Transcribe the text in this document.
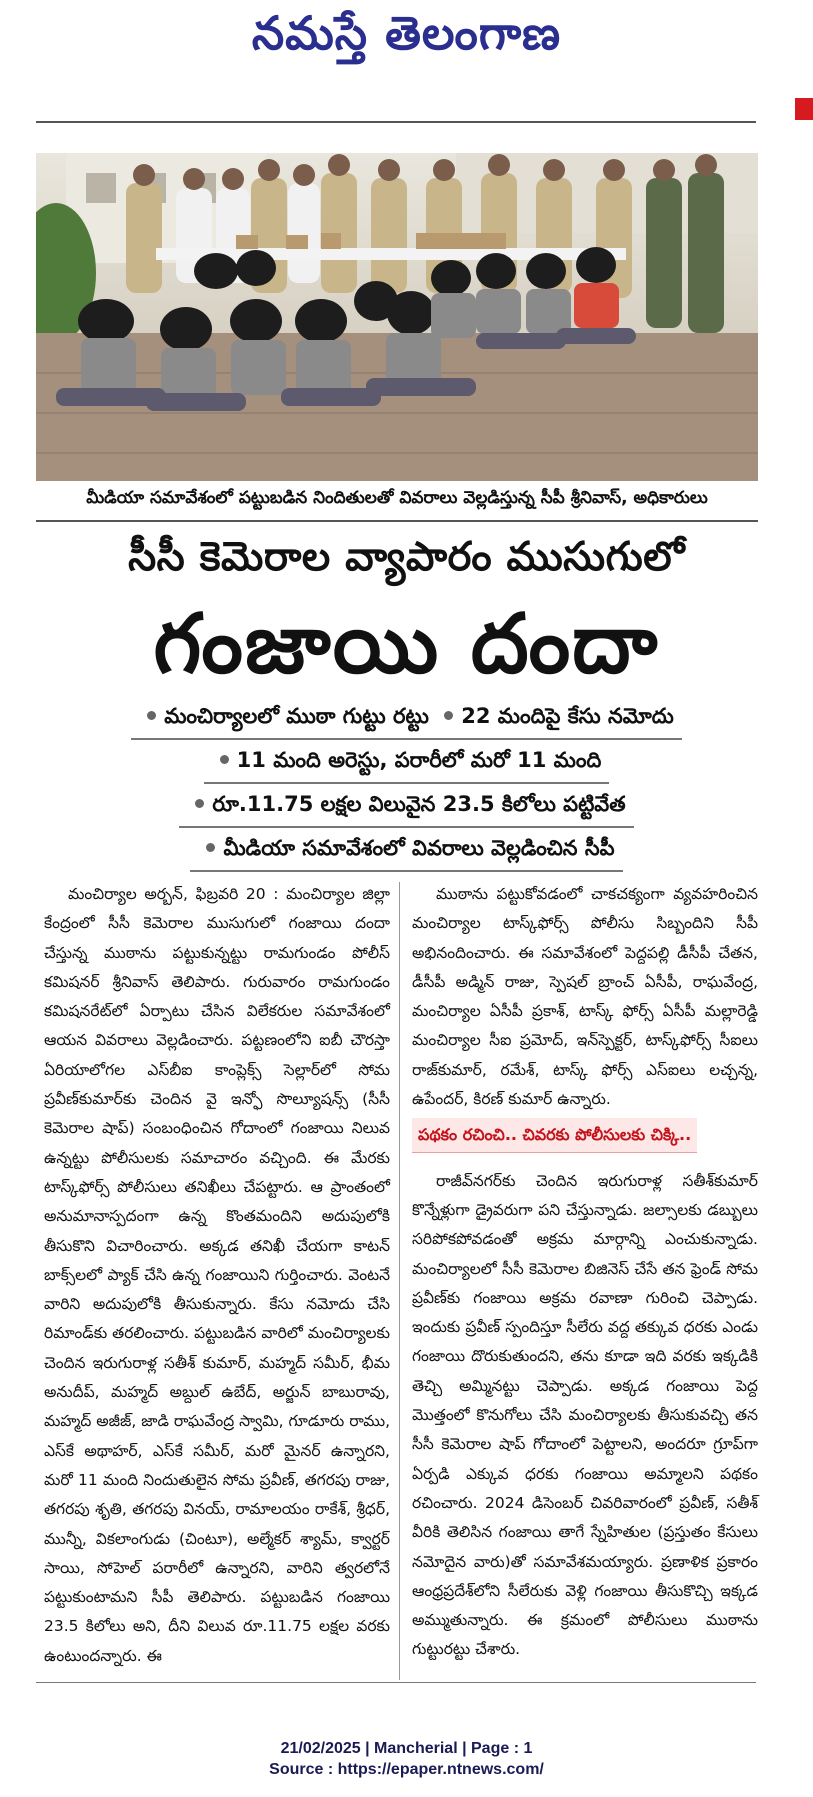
నమస్తే తెలంగాణ
మీడియా సమావేశంలో పట్టుబడిన నిందితులతో వివరాలు వెల్లడిస్తున్న సీపీ శ్రీనివాస్, అధికారులు
సీసీ కెమెరాల వ్యాపారం ముసుగులో
గంజాయి దందా
మంచిర్యాలలో ముఠా గుట్టు రట్టు 22 మందిపై కేసు నమోదు
11 మంది అరెస్టు, పరారీలో మరో 11 మంది
రూ.11.75 లక్షల విలువైన 23.5 కిలోలు పట్టివేత
మీడియా సమావేశంలో వివరాలు వెల్లడించిన సీపీ

మంచిర్యాల అర్బన్, ఫిబ్రవరి 20 : మంచిర్యాల జిల్లా కేంద్రంలో సీసీ కెమెరాల ముసుగులో గంజాయి దందా చేస్తున్న ముఠాను పట్టుకున్నట్టు రామగుండం పోలీస్ కమిషనర్ శ్రీనివాస్ తెలిపారు. గురువారం రామగుండం కమిషనరేట్‌లో ఏర్పాటు చేసిన విలేకరుల సమావేశంలో ఆయన వివరాలు వెల్లడించారు. పట్టణంలోని ఐబీ చౌరస్తా ఏరియాలోగల ఎస్‌బీఐ కాంప్లెక్స్ సెల్లార్‌లో సోమ ప్రవీణ్‌కుమార్‌కు చెందిన వై ఇన్ఫో సొల్యూషన్స్ (సీసీ కెమెరాల షాప్) సంబంధించిన గోదాంలో గంజాయి నిలువ ఉన్నట్టు పోలీసులకు సమాచారం వచ్చింది. ఈ మేరకు టాస్క్‌ఫోర్స్ పోలీసులు తనిఖీలు చేపట్టారు. ఆ ప్రాంతంలో అనుమానాస్పదంగా ఉన్న కొంతమందిని అదుపులోకి తీసుకొని విచారించారు. అక్కడ తనిఖీ చేయగా కాటన్ బాక్స్‌లలో ప్యాక్ చేసి ఉన్న గంజాయిని గుర్తించారు. వెంటనే వారిని అదుపులోకి తీసుకున్నారు. కేసు నమోదు చేసి రిమాండ్‌కు తరలించారు. పట్టుబడిన వారిలో మంచిర్యాలకు చెందిన ఇరుగురాళ్ల సతీశ్ కుమార్, మహ్మద్ సమీర్, భీమ అనుదీప్, మహ్మద్ అబ్దుల్ ఉబేద్, అర్జున్ బాబురావు, మహ్మద్ అజీజ్, జాడి రాఘవేంద్ర స్వామి, గూడూరు రాము, ఎస్‌కే అథాహర్, ఎస్‌కే సమీర్, మరో మైనర్ ఉన్నారని, మరో 11 మంది నిందుతులైన సోమ ప్రవీణ్, తగరపు రాజు, తగరపు శృతి, తగరపు వినయ్, రామాలయం రాకేశ్, శ్రీధర్, మున్నీ, వికలాంగుడు (చింటూ), అల్మేకర్ శ్యామ్, క్వార్టర్ సాయి, సోహెల్ పరారీలో ఉన్నారని, వారిని త్వరలోనే పట్టుకుంటామని సీపీ తెలిపారు. పట్టుబడిన గంజాయి 23.5 కిలోలు అని, దీని విలువ రూ.11.75 లక్షల వరకు ఉంటుందన్నారు. ఈ

ముఠాను పట్టుకోవడంలో చాకచక్యంగా వ్యవహరించిన మంచిర్యాల టాస్క్‌ఫోర్స్ పోలీసు సిబ్బందిని సీపీ అభినందించారు. ఈ సమావేశంలో పెద్దపల్లి డీసీపీ చేతన, డీసీపీ అడ్మిన్ రాజు, స్పెషల్ బ్రాంచ్ ఏసీపీ, రాఘవేంద్ర, మంచిర్యాల ఏసీపీ ప్రకాశ్, టాస్క్ ఫోర్స్ ఏసీపీ మల్లారెడ్డి మంచిర్యాల సీఐ ప్రమోద్, ఇన్‌స్పెక్టర్, టాస్క్‌ఫోర్స్ సీఐలు రాజ్‌కుమార్, రమేశ్, టాస్క్ ఫోర్స్ ఎస్‌ఐలు లచ్చన్న, ఉపేందర్, కిరణ్ కుమార్ ఉన్నారు.

పథకం రచించి.. చివరకు పోలీసులకు చిక్కి..

రాజీవ్‌నగర్‌కు చెందిన ఇరుగురాళ్ల సతీశ్‌కుమార్ కొన్నేళ్లుగా డ్రైవరుగా పని చేస్తున్నాడు. జల్సాలకు డబ్బులు సరిపోకపోవడంతో అక్రమ మార్గాన్ని ఎంచుకున్నాడు. మంచిర్యాలలో సీసీ కెమెరాల బిజినెస్ చేసే తన ఫ్రెండ్ సోమ ప్రవీణ్‌కు గంజాయి అక్రమ రవాణా గురించి చెప్పాడు. ఇందుకు ప్రవీణ్ స్పందిస్తూ సీలేరు వద్ద తక్కువ ధరకు ఎండు గంజాయి దొరుకుతుందని, తను కూడా ఇది వరకు ఇక్కడికి తెచ్చి అమ్మినట్టు చెప్పాడు. అక్కడ గంజాయి పెద్ద మొత్తంలో కొనుగోలు చేసి మంచిర్యాలకు తీసుకువచ్చి తన సీసీ కెమెరాల షాప్ గోదాంలో పెట్టాలని, అందరూ గ్రూప్‌గా ఏర్పడి ఎక్కువ ధరకు గంజాయి అమ్మాలని పథకం రచించారు. 2024 డిసెంబర్ చివరివారంలో ప్రవీణ్, సతీశ్ వీరికి తెలిసిన గంజాయి తాగే స్నేహితుల (ప్రస్తుతం కేసులు నమోదైన వారు)తో సమావేశమయ్యారు. ప్రణాళిక ప్రకారం ఆంధ్రప్రదేశ్‌లోని సీలేరుకు వెళ్లి గంజాయి తీసుకొచ్చి ఇక్కడ అమ్ముతున్నారు. ఈ క్రమంలో పోలీసులు ముఠాను గుట్టురట్టు చేశారు.

21/02/2025 | Mancherial | Page : 1
Source : https://epaper.ntnews.com/
